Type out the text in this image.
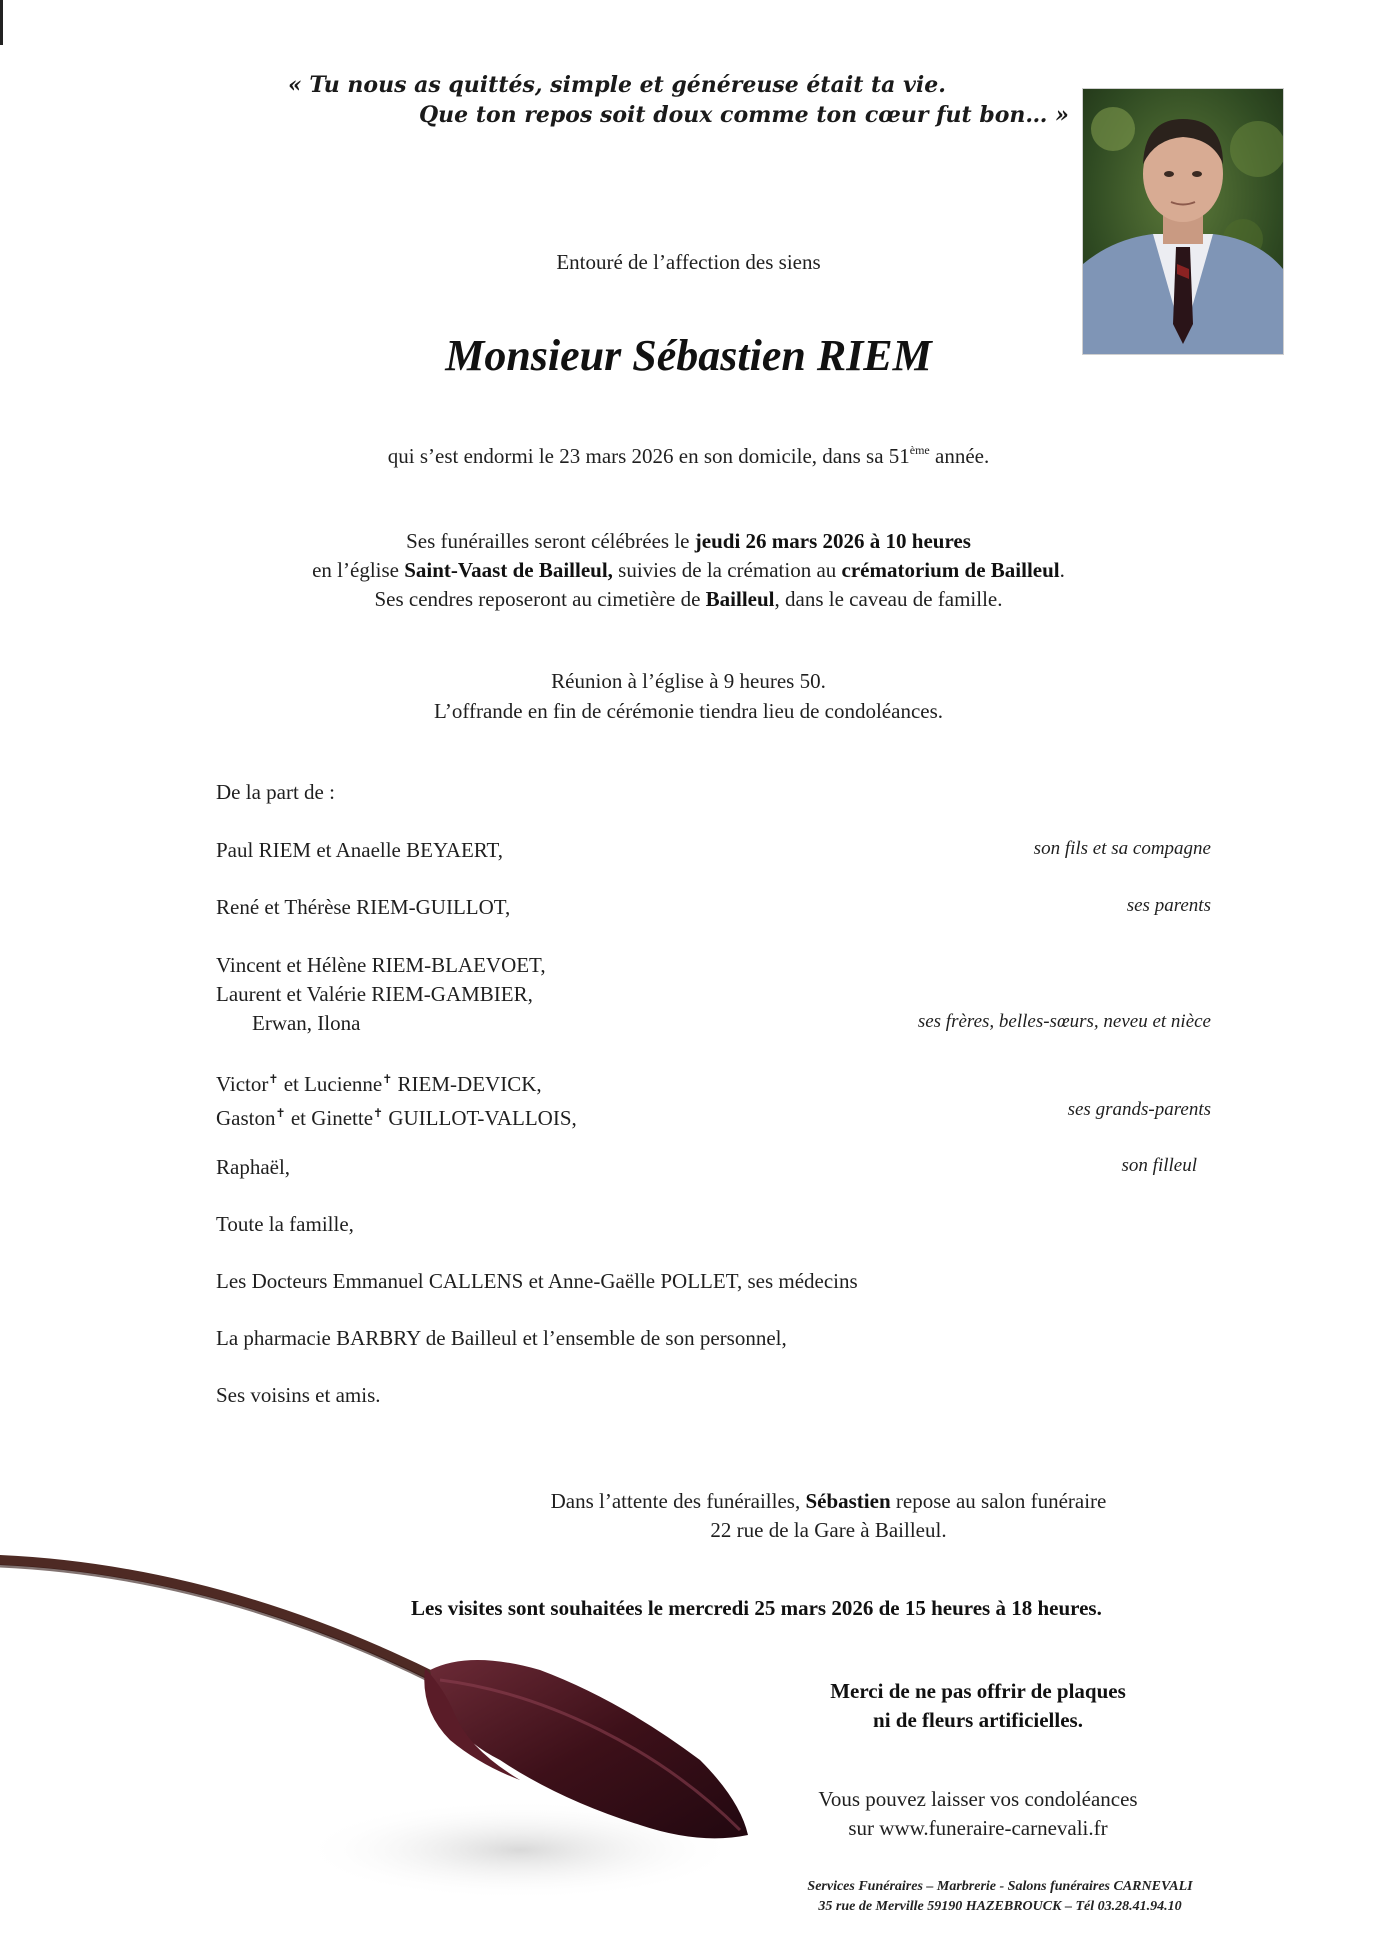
« Tu nous as quittés, simple et généreuse était ta vie.
Que ton repos soit doux comme ton cœur fut bon… »
Entouré de l’affection des siens
Monsieur Sébastien RIEM
qui s’est endormi le 23 mars 2026 en son domicile, dans sa 51ème année.
Ses funérailles seront célébrées le jeudi 26 mars 2026 à 10 heures
en l’église Saint-Vaast de Bailleul, suivies de la crémation au crématorium de Bailleul.
Ses cendres reposeront au cimetière de Bailleul, dans le caveau de famille.
Réunion à l’église à 9 heures 50.
L’offrande en fin de cérémonie tiendra lieu de condoléances.
De la part de :
Paul RIEM et Anaelle BEYAERT,	son fils et sa compagne
René et Thérèse RIEM-GUILLOT,	ses parents
Vincent et Hélène RIEM-BLAEVOET,
Laurent et Valérie RIEM-GAMBIER,
Erwan, Ilona	ses frères, belles-sœurs, neveu et nièce
Victor✝ et Lucienne✝ RIEM-DEVICK,
Gaston✝ et Ginette✝ GUILLOT-VALLOIS,	ses grands-parents
Raphaël,	son filleul
Toute la famille,
Les Docteurs Emmanuel CALLENS et Anne-Gaëlle POLLET, ses médecins
La pharmacie BARBRY de Bailleul et l’ensemble de son personnel,
Ses voisins et amis.
Dans l’attente des funérailles, Sébastien repose au salon funéraire
22 rue de la Gare à Bailleul.
Les visites sont souhaitées le mercredi 25 mars 2026 de 15 heures à 18 heures.
Merci de ne pas offrir de plaques
ni de fleurs artificielles.
Vous pouvez laisser vos condoléances
sur www.funeraire-carnevali.fr
Services Funéraires – Marbrerie - Salons funéraires CARNEVALI
35 rue de Merville 59190 HAZEBROUCK – Tél 03.28.41.94.10
